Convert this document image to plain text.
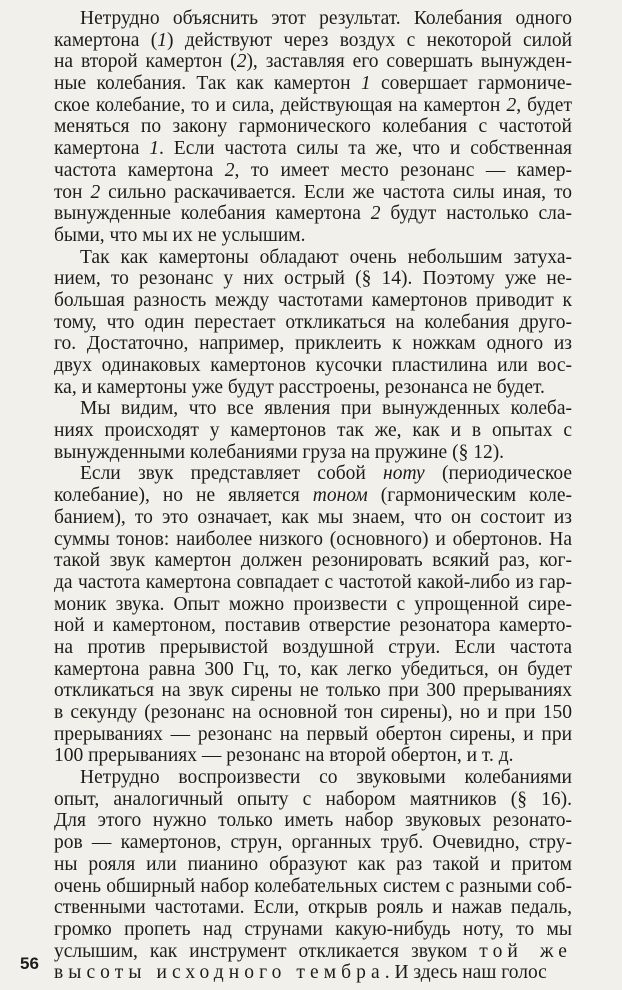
Нетрудно объяснить этот результат. Колебания одного
камертона (1) действуют через воздух с некоторой силой
на второй камертон (2), заставляя его совершать вынужден-
ные колебания. Так как камертон 1 совершает гармониче-
ское колебание, то и сила, действующая на камертон 2, будет
меняться по закону гармонического колебания с частотой
камертона 1. Если частота силы та же, что и собственная
частота камертона 2, то имеет место резонанс — камер-
тон 2 сильно раскачивается. Если же частота силы иная, то
вынужденные колебания камертона 2 будут настолько сла-
быми, что мы их не услышим.
Так как камертоны обладают очень небольшим затуха-
нием, то резонанс у них острый (§ 14). Поэтому уже не-
большая разность между частотами камертонов приводит к
тому, что один перестает откликаться на колебания друго-
го. Достаточно, например, приклеить к ножкам одного из
двух одинаковых камертонов кусочки пластилина или вос-
ка, и камертоны уже будут расстроены, резонанса не будет.
Мы видим, что все явления при вынужденных колеба-
ниях происходят у камертонов так же, как и в опытах с
вынужденными колебаниями груза на пружине (§ 12).
Если звук представляет собой ноту (периодическое
колебание), но не является тоном (гармоническим коле-
банием), то это означает, как мы знаем, что он состоит из
суммы тонов: наиболее низкого (основного) и обертонов. На
такой звук камертон должен резонировать всякий раз, ког-
да частота камертона совпадает с частотой какой-либо из гар-
моник звука. Опыт можно произвести с упрощенной сире-
ной и камертоном, поставив отверстие резонатора камерто-
на против прерывистой воздушной струи. Если частота
камертона равна 300 Гц, то, как легко убедиться, он будет
откликаться на звук сирены не только при 300 прерываниях
в секунду (резонанс на основной тон сирены), но и при 150
прерываниях — резонанс на первый обертон сирены, и при
100 прерываниях — резонанс на второй обертон, и т. д.
Нетрудно воспроизвести со звуковыми колебаниями
опыт, аналогичный опыту с набором маятников (§ 16).
Для этого нужно только иметь набор звуковых резонато-
ров — камертонов, струн, органных труб. Очевидно, стру-
ны рояля или пианино образуют как раз такой и притом
очень обширный набор колебательных систем с разными соб-
ственными частотами. Если, открыв рояль и нажав педаль,
громко пропеть над струнами какую-нибудь ноту, то мы
услышим, как инструмент откликается звуком той же
высоты исходного тембра. И здесь наш голос
56
